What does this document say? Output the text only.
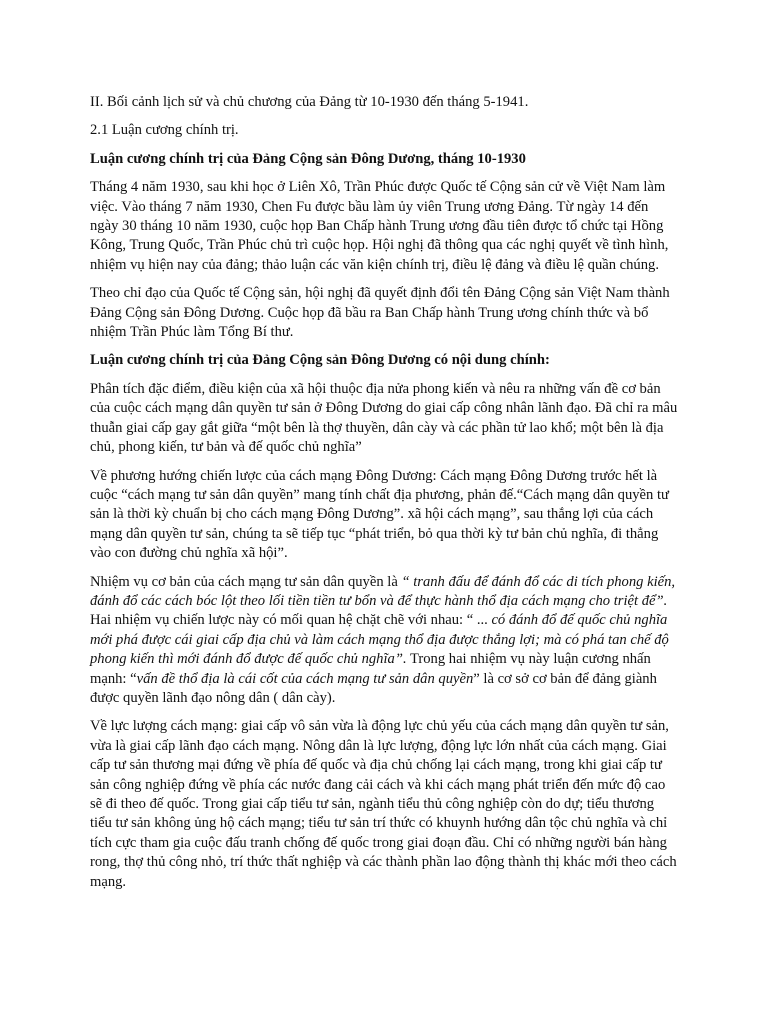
II. Bối cảnh lịch sử và chủ chương của Đảng từ 10-1930 đến tháng 5-1941.

2.1 Luận cương chính trị.

Luận cương chính trị của Đảng Cộng sản Đông Dương, tháng 10-1930

Tháng 4 năm 1930, sau khi học ở Liên Xô, Trần Phúc được Quốc tế Cộng sản cử về Việt Nam làm việc. Vào tháng 7 năm 1930, Chen Fu được bầu làm ủy viên Trung ương Đảng. Từ ngày 14 đến ngày 30 tháng 10 năm 1930, cuộc họp Ban Chấp hành Trung ương đầu tiên được tổ chức tại Hồng Kông, Trung Quốc, Trần Phúc chủ trì cuộc họp. Hội nghị đã thông qua các nghị quyết về tình hình, nhiệm vụ hiện nay của đảng; thảo luận các văn kiện chính trị, điều lệ đảng và điều lệ quần chúng.

Theo chỉ đạo của Quốc tế Cộng sản, hội nghị đã quyết định đổi tên Đảng Cộng sản Việt Nam thành Đảng Cộng sản Đông Dương. Cuộc họp đã bầu ra Ban Chấp hành Trung ương chính thức và bổ nhiệm Trần Phúc làm Tổng Bí thư.

Luận cương chính trị của Đảng Cộng sản Đông Dương có nội dung chính:

Phân tích đặc điểm, điều kiện của xã hội thuộc địa nửa phong kiến và nêu ra những vấn đề cơ bản của cuộc cách mạng dân quyền tư sản ở Đông Dương do giai cấp công nhân lãnh đạo. Đã chỉ ra mâu thuẫn giai cấp gay gắt giữa “một bên là thợ thuyền, dân cày và các phần tử lao khổ; một bên là địa chủ, phong kiến, tư bản và đế quốc chủ nghĩa”

Về phương hướng chiến lược của cách mạng Đông Dương: Cách mạng Đông Dương trước hết là cuộc “cách mạng tư sản dân quyền” mang tính chất địa phương, phản đế.“Cách mạng dân quyền tư sản là thời kỳ chuẩn bị cho cách mạng Đông Dương”. xã hội cách mạng”, sau thắng lợi của cách mạng dân quyền tư sản, chúng ta sẽ tiếp tục “phát triển, bỏ qua thời kỳ tư bản chủ nghĩa, đi thẳng vào con đường chủ nghĩa xã hội”.

Nhiệm vụ cơ bản của cách mạng tư sản dân quyền là “ tranh đấu để đánh đổ các di tích phong kiến, đánh đổ các cách bóc lột theo lối tiền tiền tư bổn và để thực hành thổ địa cách mạng cho triệt để”. Hai nhiệm vụ chiến lược này có mối quan hệ chặt chẽ với nhau: “ ... có đánh đổ đế quốc chủ nghĩa mới phá được cái giai cấp địa chủ và làm cách mạng thổ địa được thắng lợi; mà có phá tan chế độ phong kiến thì mới đánh đổ được đế quốc chủ nghĩa”. Trong hai nhiệm vụ này luận cương nhấn mạnh: “vấn đề thổ địa là cái cốt của cách mạng tư sản dân quyền” là cơ sở cơ bản để đảng giành được quyền lãnh đạo nông dân ( dân cày).

Về lực lượng cách mạng: giai cấp vô sản vừa là động lực chủ yếu của cách mạng dân quyền tư sản, vừa là giai cấp lãnh đạo cách mạng. Nông dân là lực lượng, động lực lớn nhất của cách mạng. Giai cấp tư sản thương mại đứng về phía đế quốc và địa chủ chống lại cách mạng, trong khi giai cấp tư sản công nghiệp đứng về phía các nước đang cải cách và khi cách mạng phát triển đến mức độ cao sẽ đi theo đế quốc. Trong giai cấp tiểu tư sản, ngành tiểu thủ công nghiệp còn do dự; tiểu thương tiểu tư sản không ủng hộ cách mạng; tiểu tư sản trí thức có khuynh hướng dân tộc chủ nghĩa và chỉ tích cực tham gia cuộc đấu tranh chống đế quốc trong giai đoạn đầu. Chỉ có những người bán hàng rong, thợ thủ công nhỏ, trí thức thất nghiệp và các thành phần lao động thành thị khác mới theo cách mạng.
